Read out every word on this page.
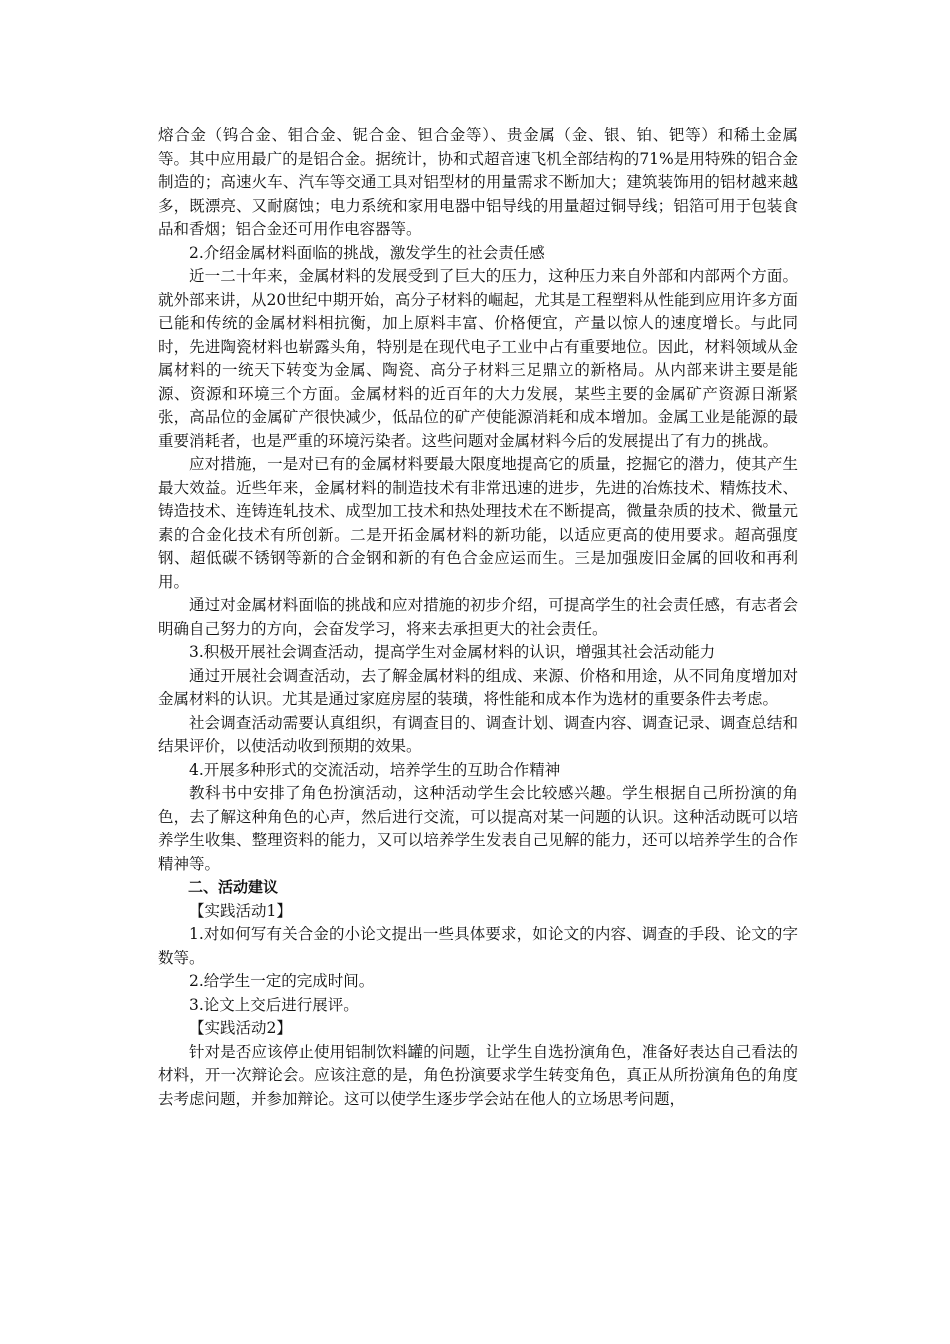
熔合金（钨合金、钼合金、铌合金、钽合金等）、贵金属（金、银、铂、钯等）和稀土金属等。其中应用最广的是铝合金。据统计，协和式超音速飞机全部结构的71%是用特殊的铝合金制造的；高速火车、汽车等交通工具对铝型材的用量需求不断加大；建筑装饰用的铝材越来越多，既漂亮、又耐腐蚀；电力系统和家用电器中铝导线的用量超过铜导线；铝箔可用于包装食品和香烟；铝合金还可用作电容器等。

2.介绍金属材料面临的挑战，激发学生的社会责任感

近一二十年来，金属材料的发展受到了巨大的压力，这种压力来自外部和内部两个方面。就外部来讲，从20世纪中期开始，高分子材料的崛起，尤其是工程塑料从性能到应用许多方面已能和传统的金属材料相抗衡，加上原料丰富、价格便宜，产量以惊人的速度增长。与此同时，先进陶瓷材料也崭露头角，特别是在现代电子工业中占有重要地位。因此，材料领域从金属材料的一统天下转变为金属、陶瓷、高分子材料三足鼎立的新格局。从内部来讲主要是能源、资源和环境三个方面。金属材料的近百年的大力发展，某些主要的金属矿产资源日渐紧张，高品位的金属矿产很快减少，低品位的矿产使能源消耗和成本增加。金属工业是能源的最重要消耗者，也是严重的环境污染者。这些问题对金属材料今后的发展提出了有力的挑战。

应对措施，一是对已有的金属材料要最大限度地提高它的质量，挖掘它的潜力，使其产生最大效益。近些年来，金属材料的制造技术有非常迅速的进步，先进的冶炼技术、精炼技术、铸造技术、连铸连轧技术、成型加工技术和热处理技术在不断提高，微量杂质的技术、微量元素的合金化技术有所创新。二是开拓金属材料的新功能，以适应更高的使用要求。超高强度钢、超低碳不锈钢等新的合金钢和新的有色合金应运而生。三是加强废旧金属的回收和再利用。

通过对金属材料面临的挑战和应对措施的初步介绍，可提高学生的社会责任感，有志者会明确自己努力的方向，会奋发学习，将来去承担更大的社会责任。

3.积极开展社会调查活动，提高学生对金属材料的认识，增强其社会活动能力

通过开展社会调查活动，去了解金属材料的组成、来源、价格和用途，从不同角度增加对金属材料的认识。尤其是通过家庭房屋的装璜，将性能和成本作为选材的重要条件去考虑。

社会调查活动需要认真组织，有调查目的、调查计划、调查内容、调查记录、调查总结和结果评价，以使活动收到预期的效果。

4.开展多种形式的交流活动，培养学生的互助合作精神

教科书中安排了角色扮演活动，这种活动学生会比较感兴趣。学生根据自己所扮演的角色，去了解这种角色的心声，然后进行交流，可以提高对某一问题的认识。这种活动既可以培养学生收集、整理资料的能力，又可以培养学生发表自己见解的能力，还可以培养学生的合作精神等。

二、活动建议

【实践活动1】

1.对如何写有关合金的小论文提出一些具体要求，如论文的内容、调查的手段、论文的字数等。

2.给学生一定的完成时间。

3.论文上交后进行展评。

【实践活动2】

针对是否应该停止使用铝制饮料罐的问题，让学生自选扮演角色，准备好表达自己看法的材料，开一次辩论会。应该注意的是，角色扮演要求学生转变角色，真正从所扮演角色的角度去考虑问题，并参加辩论。这可以使学生逐步学会站在他人的立场思考问题，
